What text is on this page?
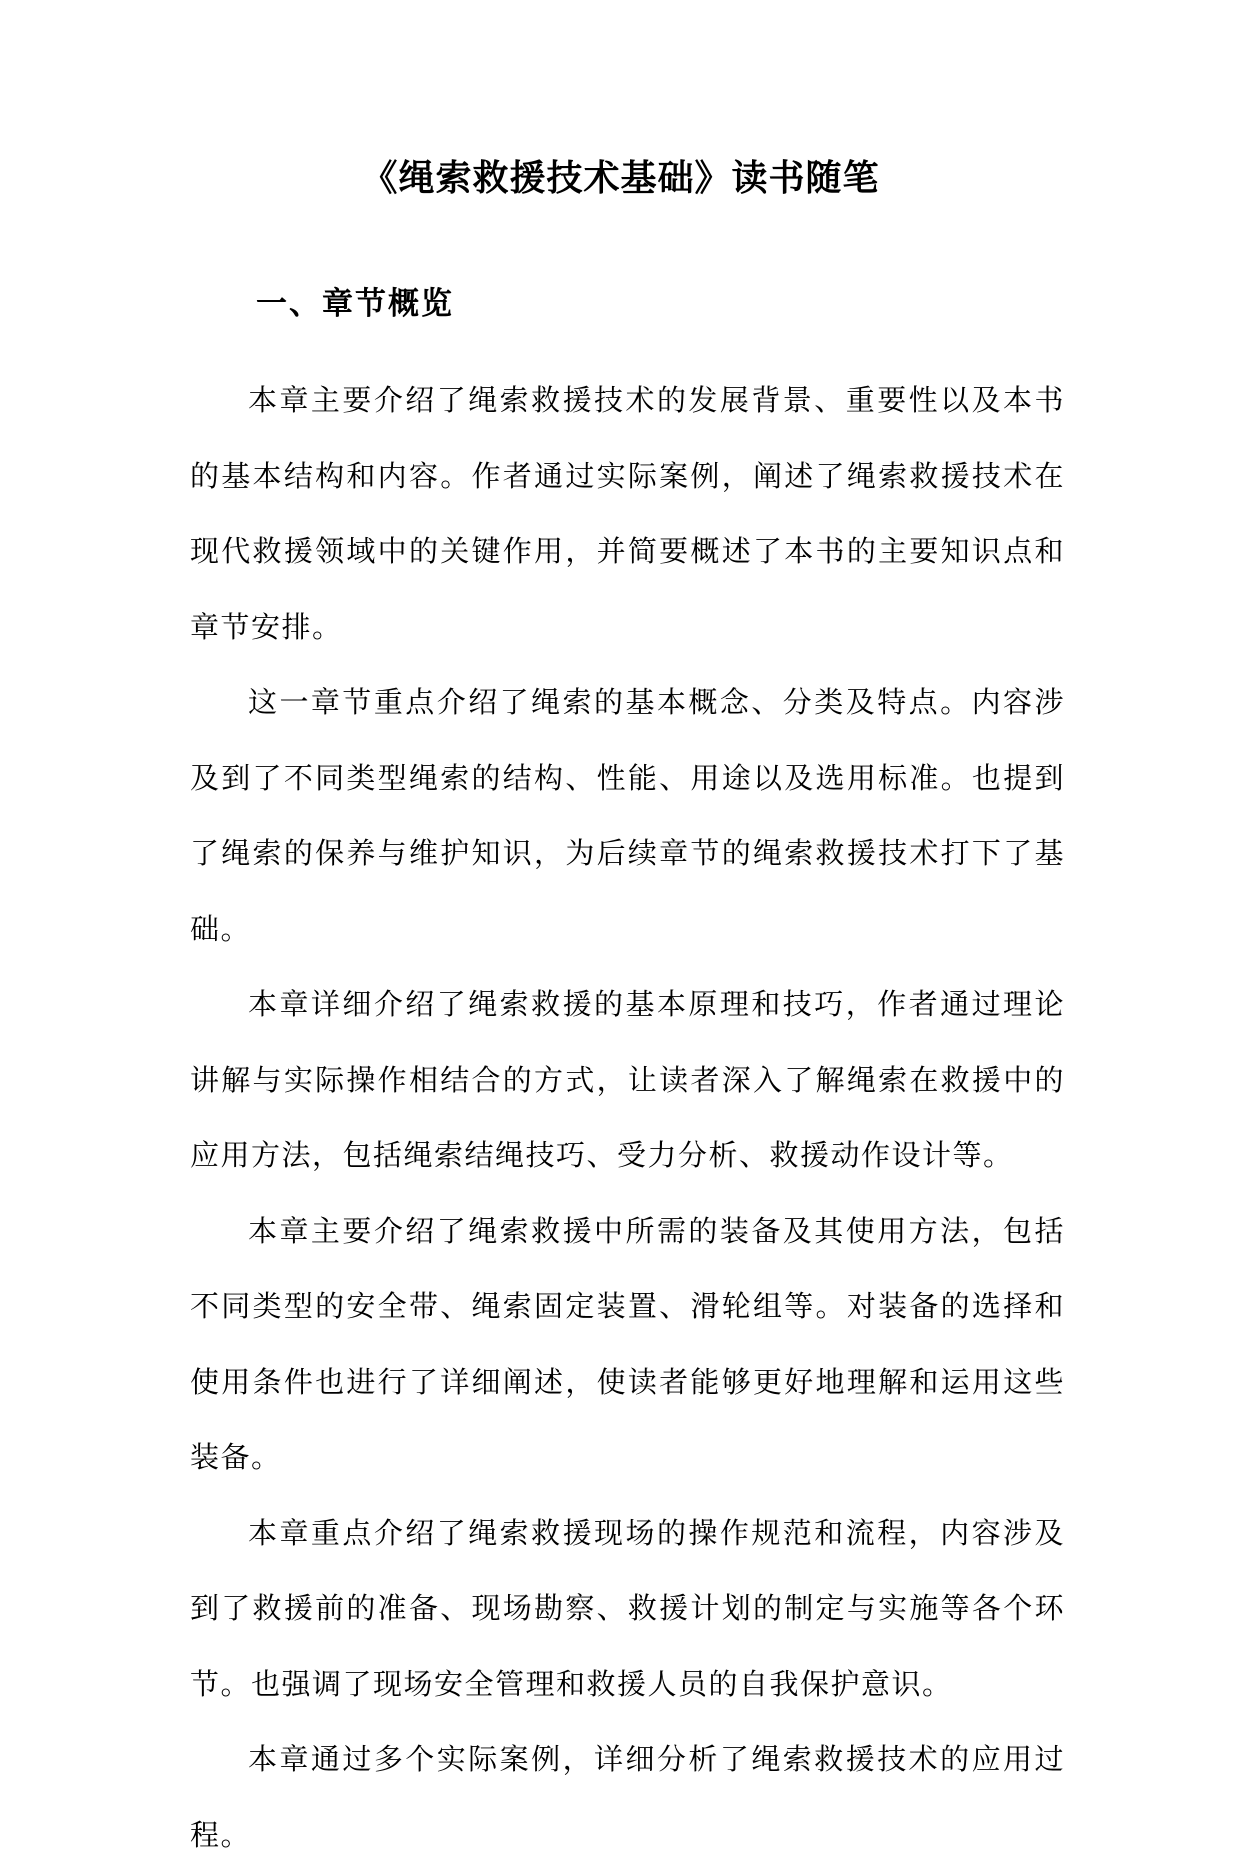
《绳索救援技术基础》读书随笔
一、章节概览

本章主要介绍了绳索救援技术的发展背景、重要性以及本书的基本结构和内容。作者通过实际案例，阐述了绳索救援技术在现代救援领域中的关键作用，并简要概述了本书的主要知识点和章节安排。

这一章节重点介绍了绳索的基本概念、分类及特点。内容涉及到了不同类型绳索的结构、性能、用途以及选用标准。也提到了绳索的保养与维护知识，为后续章节的绳索救援技术打下了基础。

本章详细介绍了绳索救援的基本原理和技巧，作者通过理论讲解与实际操作相结合的方式，让读者深入了解绳索在救援中的应用方法，包括绳索结绳技巧、受力分析、救援动作设计等。

本章主要介绍了绳索救援中所需的装备及其使用方法，包括不同类型的安全带、绳索固定装置、滑轮组等。对装备的选择和使用条件也进行了详细阐述，使读者能够更好地理解和运用这些装备。

本章重点介绍了绳索救援现场的操作规范和流程，内容涉及到了救援前的准备、现场勘察、救援计划的制定与实施等各个环节。也强调了现场安全管理和救援人员的自我保护意识。

本章通过多个实际案例，详细分析了绳索救援技术的应用过程。
